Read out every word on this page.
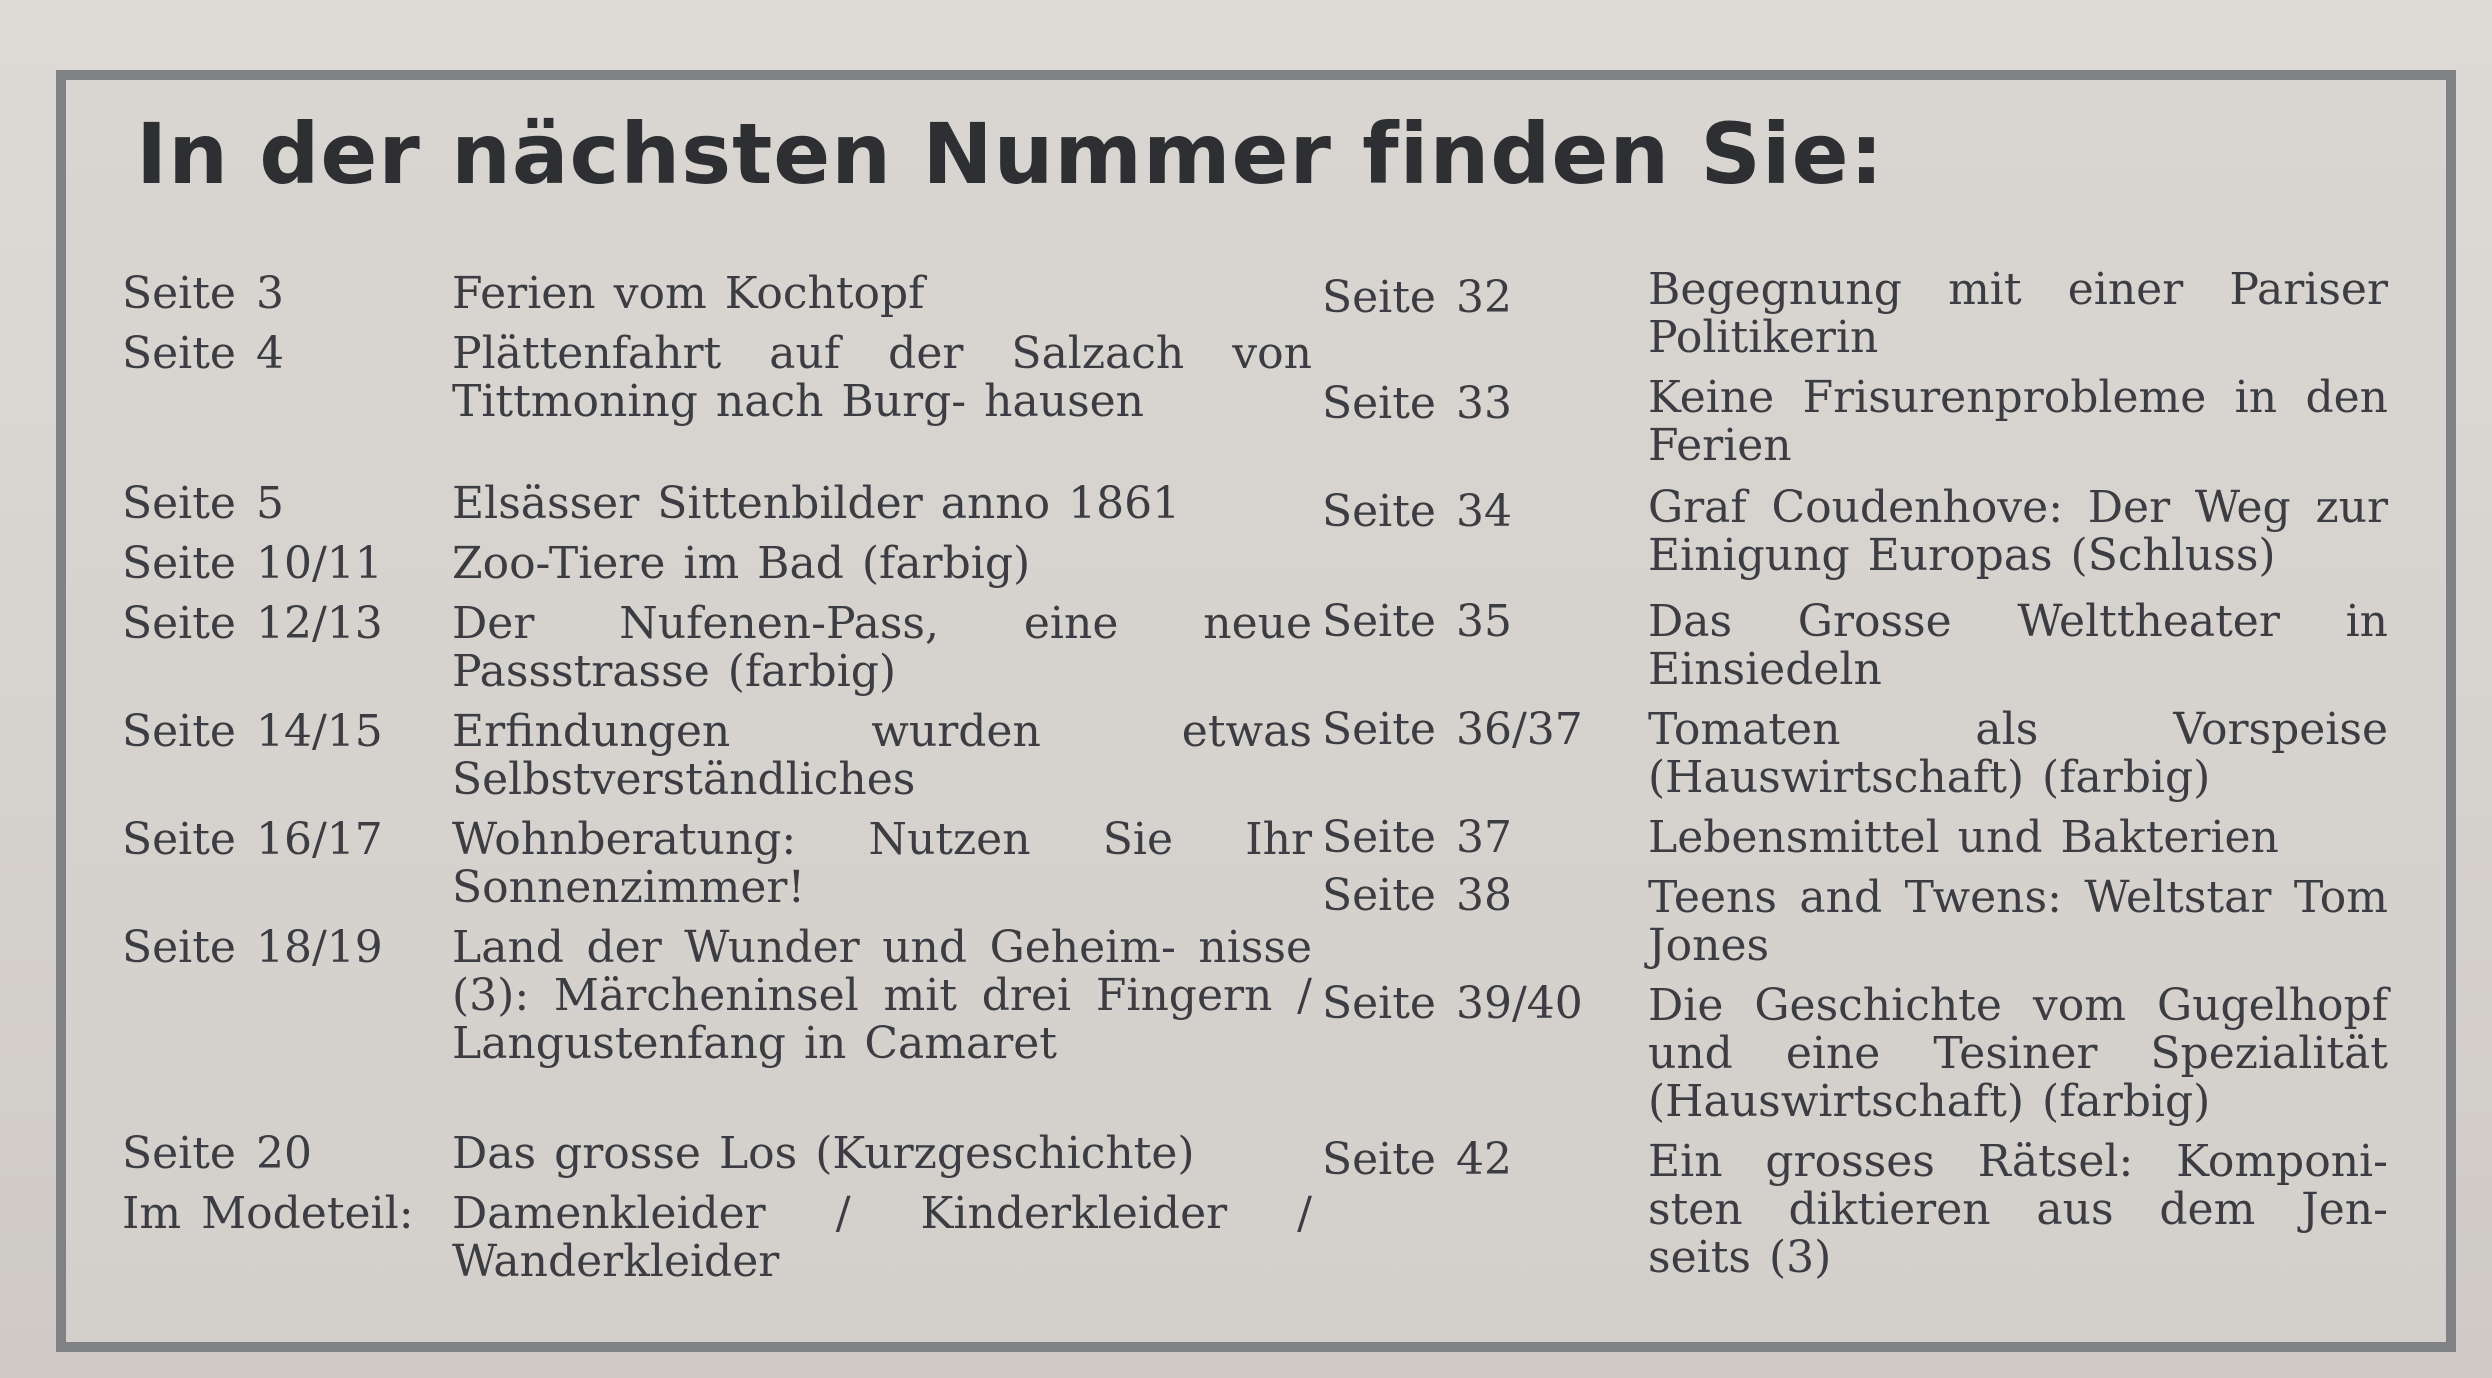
In der nächsten Nummer finden Sie:
Seite 3	Ferien vom Kochtopf
Seite 4	Plättenfahrt auf der Salzach von Tittmoning nach Burg- hausen
Seite 5	Elsässer Sittenbilder anno 1861
Seite 10/11 Zoo-Tiere im Bad (farbig)
Seite 12/13 Der Nufenen-Pass, eine neue Passstrasse (farbig)
Seite 14/15 Erfindungen wurden etwas Selbstverständliches
Seite 16/17 Wohnberatung: Nutzen Sie Ihr Sonnenzimmer!
Seite 18/19 Land der Wunder und Geheim- nisse (3): Märcheninsel mit drei Fingern / Langustenfang in Camaret
Seite 20	Das grosse Los (Kurzgeschichte)
Im Modeteil: Damenkleider / Kinderkleider / Wanderkleider
Seite 32	Begegnung mit einer Pariser Politikerin
Seite 33	Keine Frisurenprobleme in den Ferien
Seite 34	Graf Coudenhove: Der Weg zur Einigung Europas (Schluss)
Seite 35	Das Grosse Welttheater in Einsiedeln
Seite 36/37 Tomaten als Vorspeise (Hauswirtschaft) (farbig)
Seite 37	Lebensmittel und Bakterien
Seite 38	Teens and Twens: Weltstar Tom Jones
Seite 39/40 Die Geschichte vom Gugelhopf und eine Tesiner Spezialität (Hauswirtschaft) (farbig)
Seite 42	Ein grosses Rätsel: Komponi- sten diktieren aus dem Jen- seits (3)
